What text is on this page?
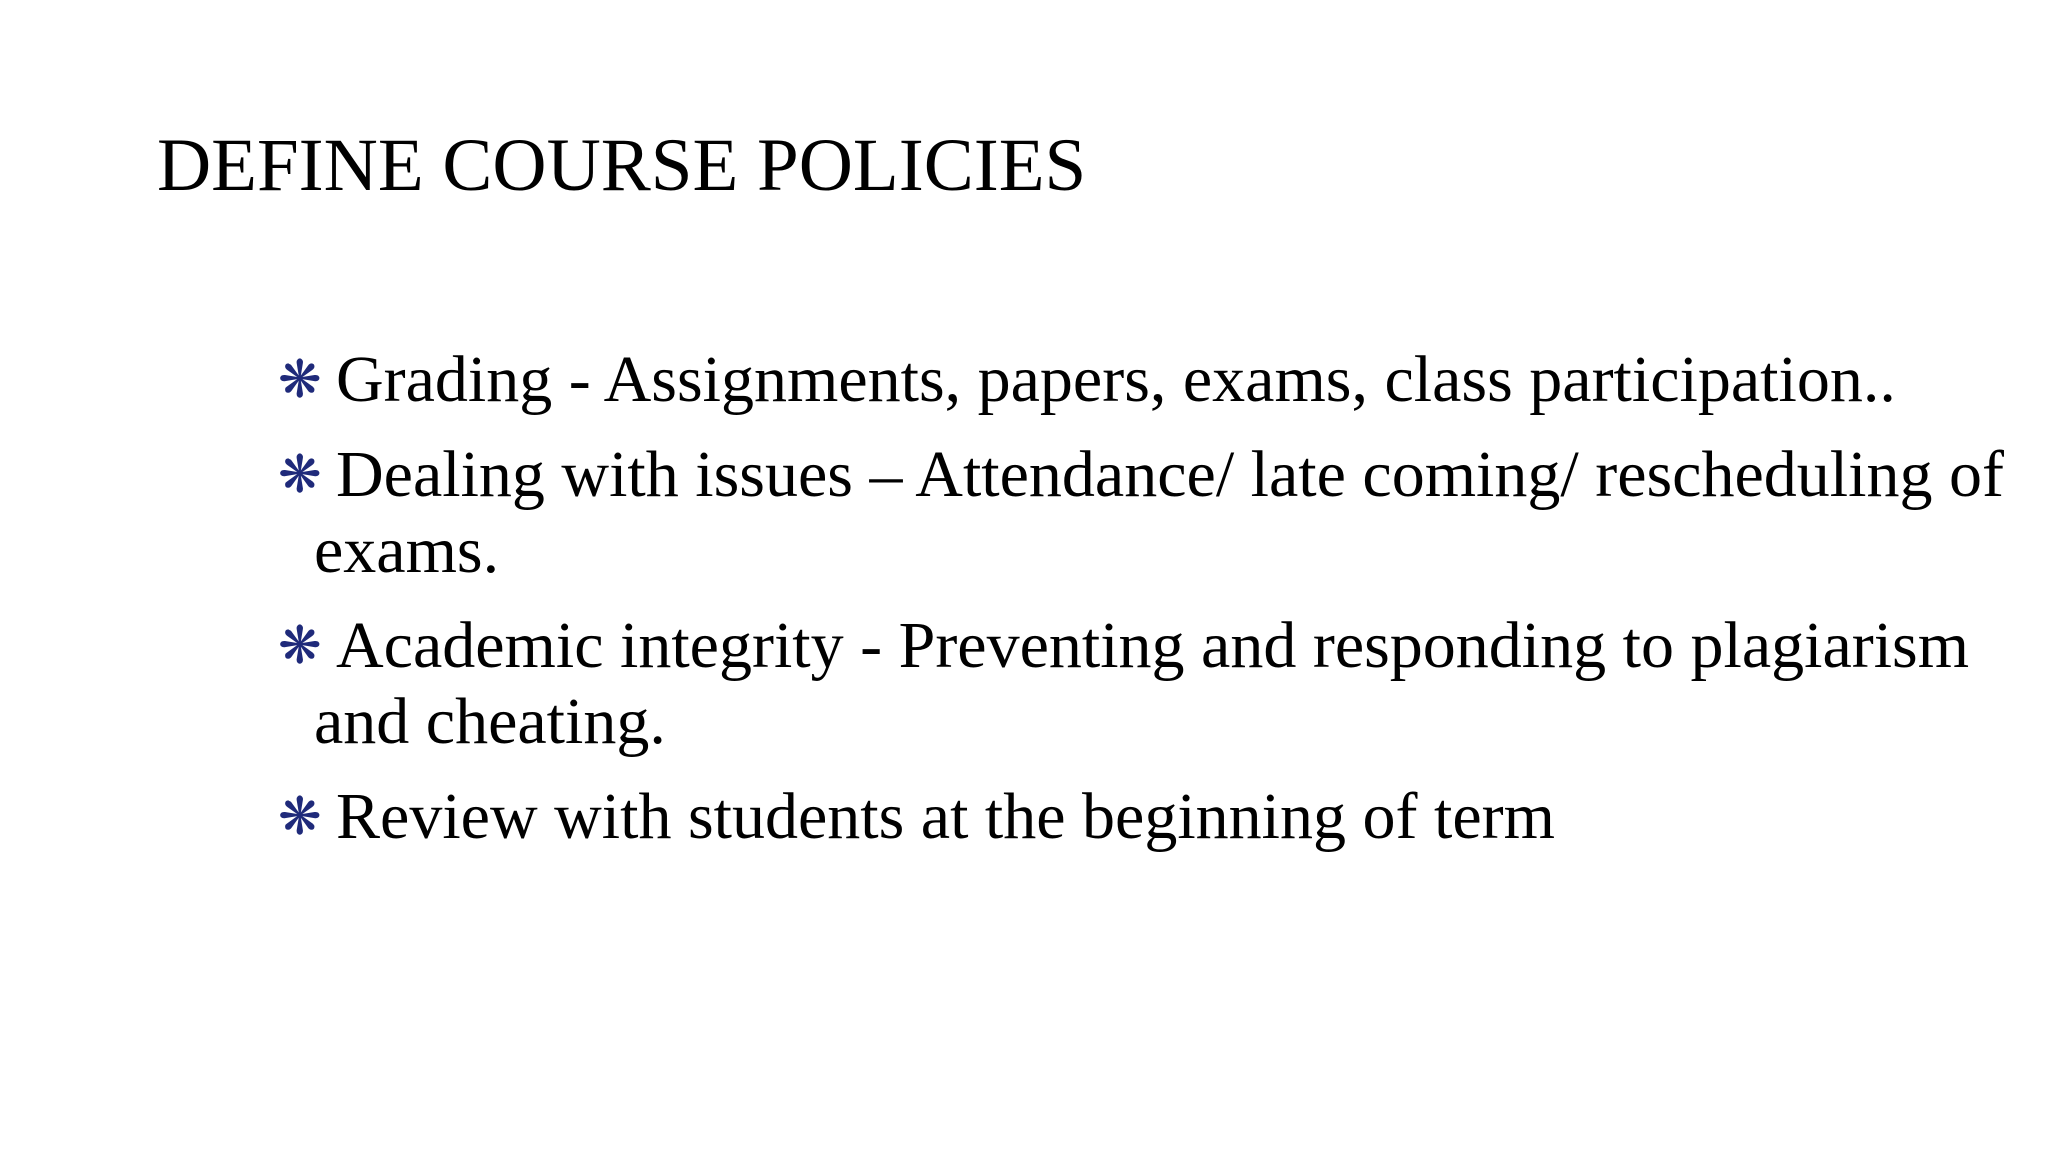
DEFINE COURSE POLICIES
❋ Grading - Assignments, papers, exams, class participation..
❋ Dealing with issues – Attendance/ late coming/ rescheduling of exams.
❋ Academic integrity - Preventing and responding to plagiarism and cheating.
❋ Review with students at the beginning of term
